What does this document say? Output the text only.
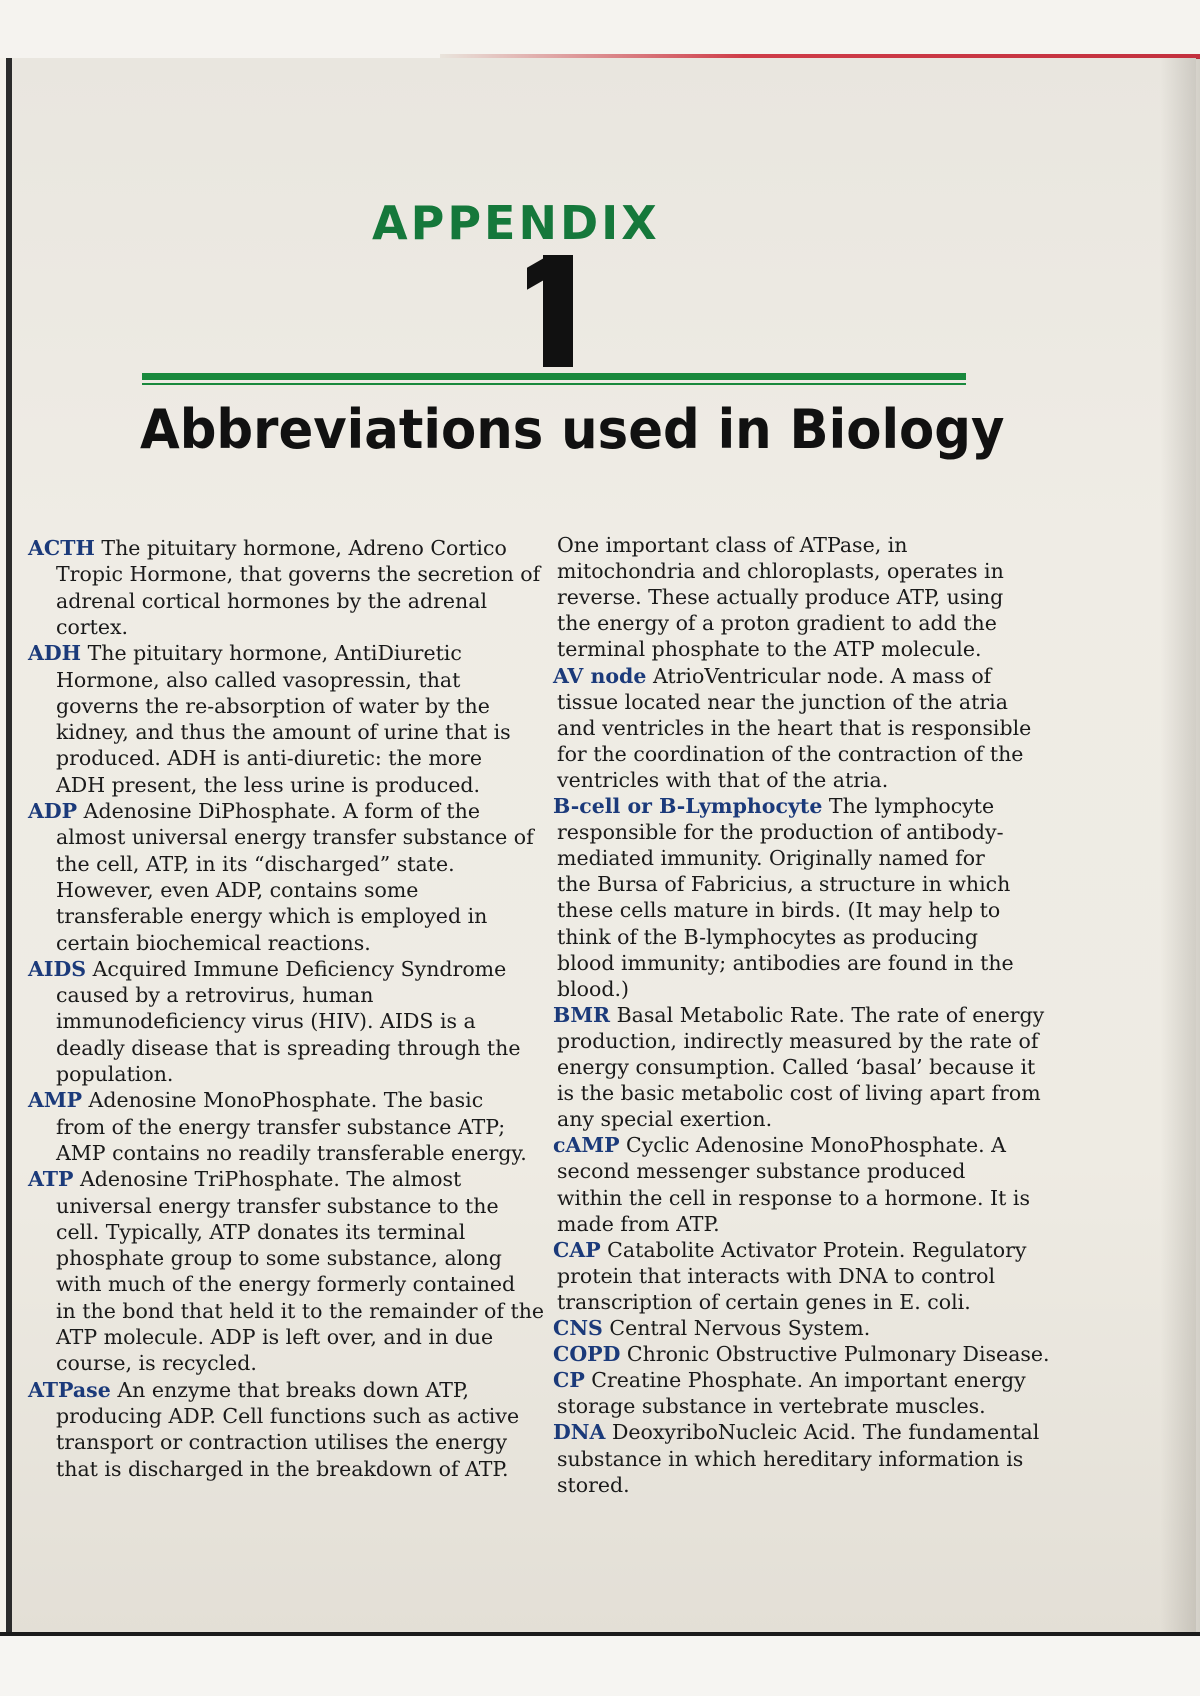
APPENDIX
Abbreviations used in Biology
ACTH The pituitary hormone, Adreno Cortico
Tropic Hormone, that governs the secretion of
adrenal cortical hormones by the adrenal
cortex.
ADH The pituitary hormone, AntiDiuretic
Hormone, also called vasopressin, that
governs the re-absorption of water by the
kidney, and thus the amount of urine that is
produced. ADH is anti-diuretic: the more
ADH present, the less urine is produced.
ADP Adenosine DiPhosphate. A form of the
almost universal energy transfer substance of
the cell, ATP, in its “discharged” state.
However, even ADP, contains some
transferable energy which is employed in
certain biochemical reactions.
AIDS Acquired Immune Deficiency Syndrome
caused by a retrovirus, human
immunodeficiency virus (HIV). AIDS is a
deadly disease that is spreading through the
population.
AMP Adenosine MonoPhosphate. The basic
from of the energy transfer substance ATP;
AMP contains no readily transferable energy.
ATP Adenosine TriPhosphate. The almost
universal energy transfer substance to the
cell. Typically, ATP donates its terminal
phosphate group to some substance, along
with much of the energy formerly contained
in the bond that held it to the remainder of the
ATP molecule. ADP is left over, and in due
course, is recycled.
ATPase An enzyme that breaks down ATP,
producing ADP. Cell functions such as active
transport or contraction utilises the energy
that is discharged in the breakdown of ATP.
One important class of ATPase, in
mitochondria and chloroplasts, operates in
reverse. These actually produce ATP, using
the energy of a proton gradient to add the
terminal phosphate to the ATP molecule.
AV node AtrioVentricular node. A mass of
tissue located near the junction of the atria
and ventricles in the heart that is responsible
for the coordination of the contraction of the
ventricles with that of the atria.
B-cell or B-Lymphocyte The lymphocyte
responsible for the production of antibody-
mediated immunity. Originally named for
the Bursa of Fabricius, a structure in which
these cells mature in birds. (It may help to
think of the B-lymphocytes as producing
blood immunity; antibodies are found in the
blood.)
BMR Basal Metabolic Rate. The rate of energy
production, indirectly measured by the rate of
energy consumption. Called ‘basal’ because it
is the basic metabolic cost of living apart from
any special exertion.
cAMP Cyclic Adenosine MonoPhosphate. A
second messenger substance produced
within the cell in response to a hormone. It is
made from ATP.
CAP Catabolite Activator Protein. Regulatory
protein that interacts with DNA to control
transcription of certain genes in E. coli.
CNS Central Nervous System.
COPD Chronic Obstructive Pulmonary Disease.
CP Creatine Phosphate. An important energy
storage substance in vertebrate muscles.
DNA DeoxyriboNucleic Acid. The fundamental
substance in which hereditary information is
stored.
